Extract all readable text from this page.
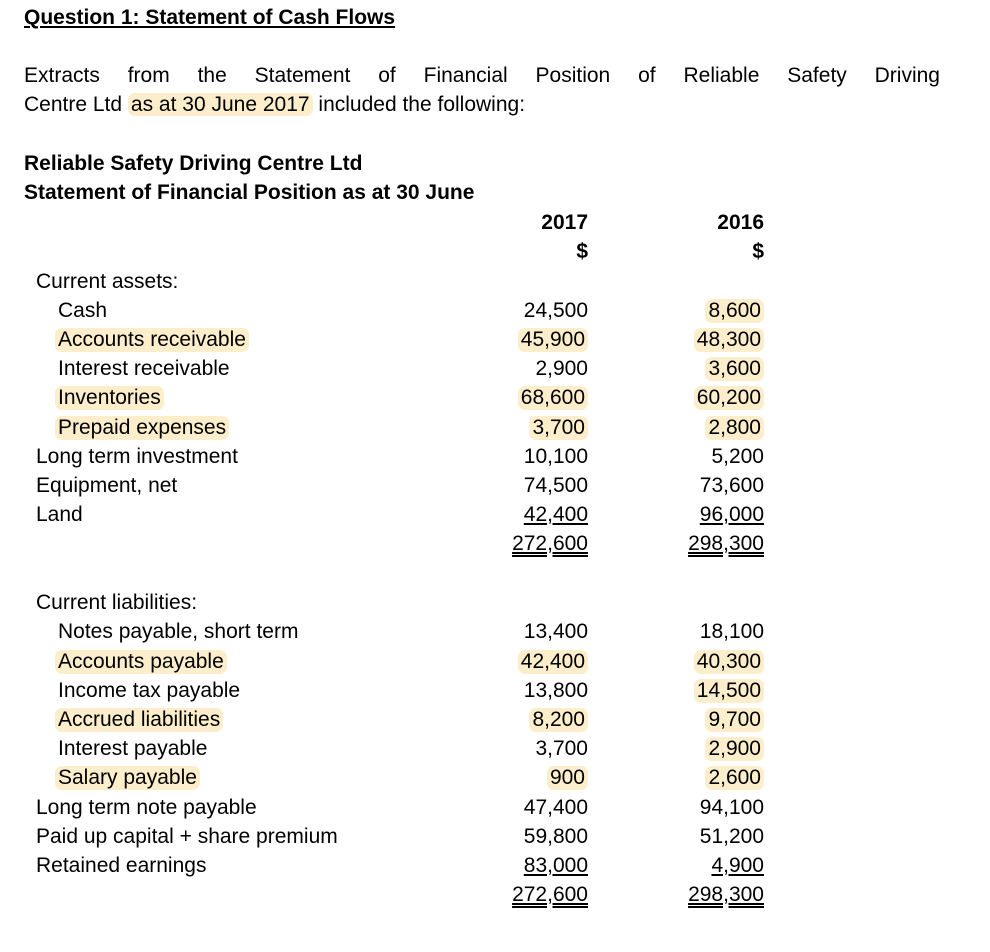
Question 1: Statement of Cash Flows
Extracts from the Statement of Financial Position of Reliable Safety Driving
Centre Ltd as at 30 June 2017 included the following:
Reliable Safety Driving Centre Ltd
Statement of Financial Position as at 30 June
2017	2016
$	$
Current assets:
Cash	24,500	8,600
Accounts receivable	45,900	48,300
Interest receivable	2,900	3,600
Inventories	68,600	60,200
Prepaid expenses	3,700	2,800
Long term investment	10,100	5,200
Equipment, net	74,500	73,600
Land	42,400	96,000
272,600	298,300
Current liabilities:
Notes payable, short term	13,400	18,100
Accounts payable	42,400	40,300
Income tax payable	13,800	14,500
Accrued liabilities	8,200	9,700
Interest payable	3,700	2,900
Salary payable	900	2,600
Long term note payable	47,400	94,100
Paid up capital + share premium	59,800	51,200
Retained earnings	83,000	4,900
272,600	298,300
